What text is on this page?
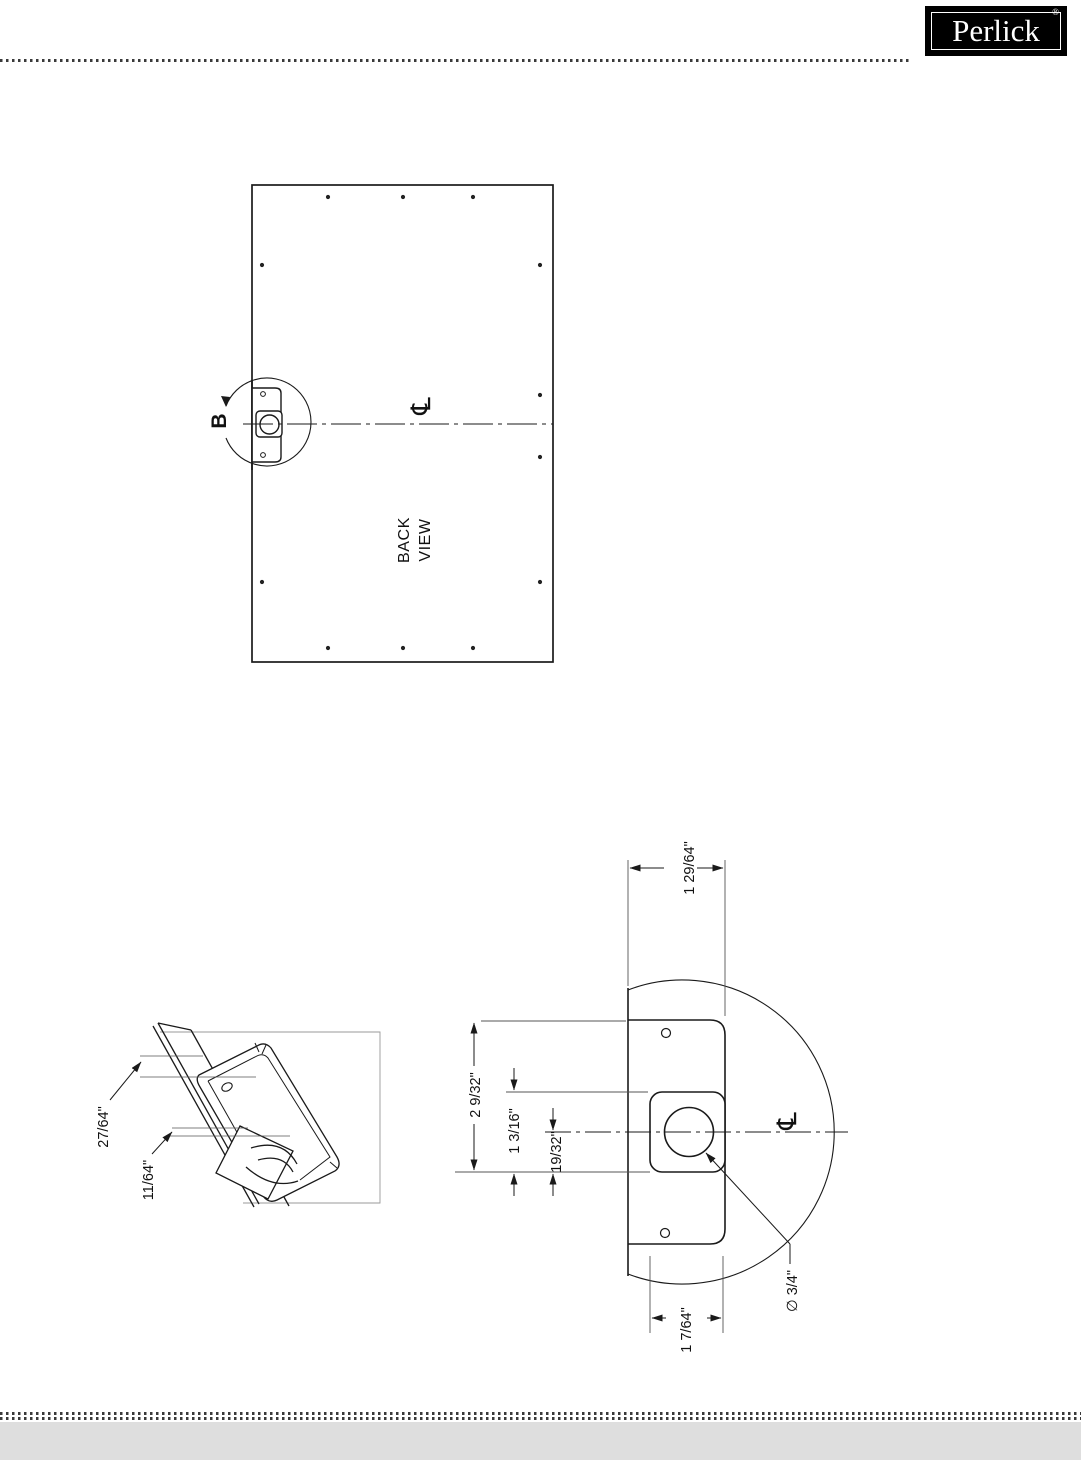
Perlick
®
B
℄
BACK VIEW
27/64"
11/64"
1 29/64"
2 9/32"
1 3/16" 19/32"
1 7/64"
∅ 3/4"
℄
